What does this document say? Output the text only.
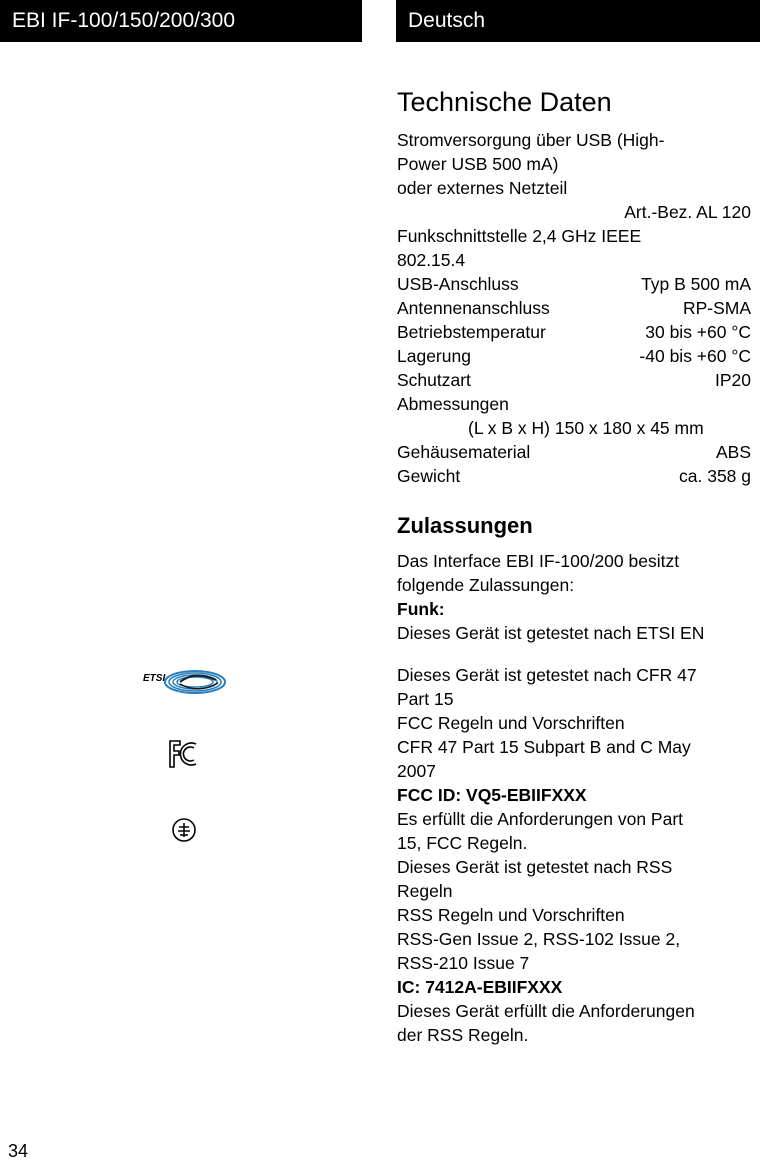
EBI IF-100/150/200/300	Deutsch
ETSI
Technische Daten
Stromversorgung über USB (High-
Power USB 500 mA)
oder externes Netzteil
Art.-Bez. AL 120
Funkschnittstelle 2,4 GHz IEEE
802.15.4
USB-Anschluss	Typ B 500 mA
Antennenanschluss	RP-SMA
Betriebstemperatur	30 bis +60 °C
Lagerung	-40 bis +60 °C
Schutzart	IP20
Abmessungen
(L x B x H) 150 x 180 x 45 mm
Gehäusematerial	ABS
Gewicht	ca. 358 g
Zulassungen
Das Interface EBI IF-100/200 besitzt
folgende Zulassungen:
Funk:
Dieses Gerät ist getestet nach ETSI EN
Dieses Gerät ist getestet nach CFR 47
Part 15
FCC Regeln und Vorschriften
CFR 47 Part 15 Subpart B and C May
2007
FCC ID: VQ5-EBIIFXXX
Es erfüllt die Anforderungen von Part
15, FCC Regeln.
Dieses Gerät ist getestet nach RSS
Regeln
RSS Regeln und Vorschriften
RSS-Gen Issue 2, RSS-102 Issue 2,
RSS-210 Issue 7
IC: 7412A-EBIIFXXX
Dieses Gerät erfüllt die Anforderungen
der RSS Regeln.
34
